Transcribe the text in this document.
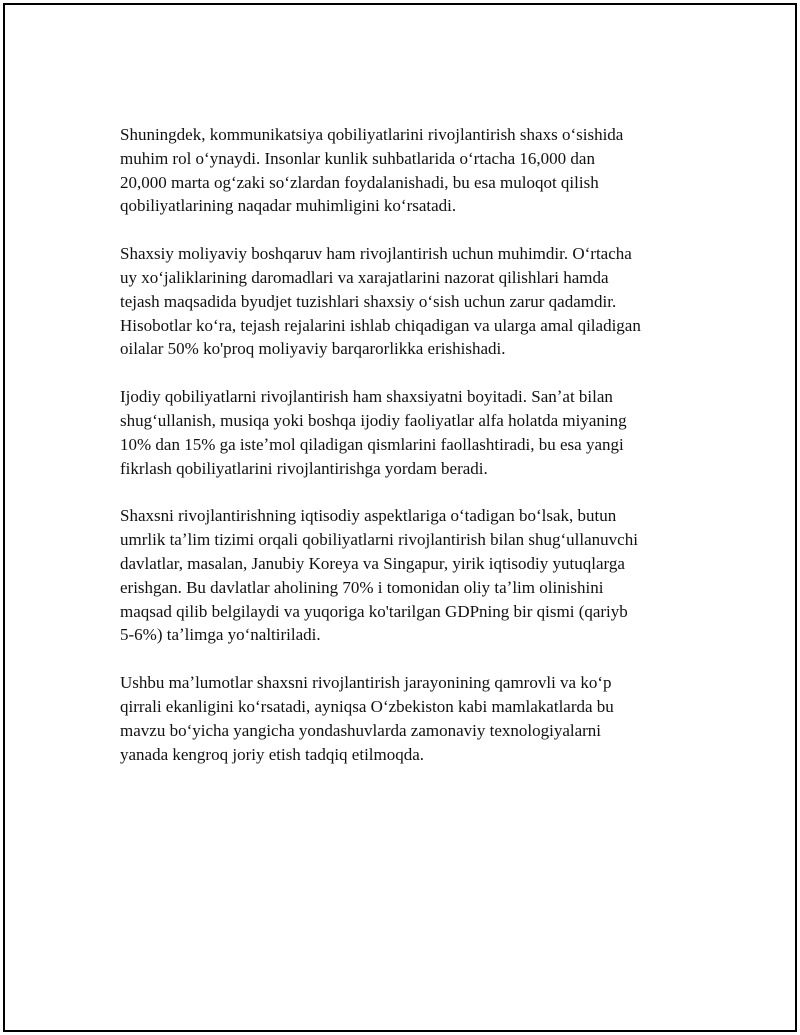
Shuningdek, kommunikatsiya qobiliyatlarini rivojlantirish shaxs oʻsishida
muhim rol oʻynaydi. Insonlar kunlik suhbatlarida oʻrtacha 16,000 dan
20,000 marta ogʻzaki soʻzlardan foydalanishadi, bu esa muloqot qilish
qobiliyatlarining naqadar muhimligini koʻrsatadi.

Shaxsiy moliyaviy boshqaruv ham rivojlantirish uchun muhimdir. Oʻrtacha
uy xoʻjaliklarining daromadlari va xarajatlarini nazorat qilishlari hamda
tejash maqsadida byudjet tuzishlari shaxsiy oʻsish uchun zarur qadamdir.
Hisobotlar koʻra, tejash rejalarini ishlab chiqadigan va ularga amal qiladigan
oilalar 50% ko'proq moliyaviy barqarorlikka erishishadi.

Ijodiy qobiliyatlarni rivojlantirish ham shaxsiyatni boyitadi. Sanʼat bilan
shugʻullanish, musiqa yoki boshqa ijodiy faoliyatlar alfa holatda miyaning
10% dan 15% ga isteʼmol qiladigan qismlarini faollashtiradi, bu esa yangi
fikrlash qobiliyatlarini rivojlantirishga yordam beradi.

Shaxsni rivojlantirishning iqtisodiy aspektlariga oʻtadigan boʻlsak, butun
umrlik taʼlim tizimi orqali qobiliyatlarni rivojlantirish bilan shugʻullanuvchi
davlatlar, masalan, Janubiy Koreya va Singapur, yirik iqtisodiy yutuqlarga
erishgan. Bu davlatlar aholining 70% i tomonidan oliy taʼlim olinishini
maqsad qilib belgilaydi va yuqoriga ko'tarilgan GDPning bir qismi (qariyb
5-6%) taʼlimga yoʻnaltiriladi.

Ushbu maʼlumotlar shaxsni rivojlantirish jarayonining qamrovli va koʻp
qirrali ekanligini koʻrsatadi, ayniqsa Oʻzbekiston kabi mamlakatlarda bu
mavzu boʻyicha yangicha yondashuvlarda zamonaviy texnologiyalarni
yanada kengroq joriy etish tadqiq etilmoqda.
